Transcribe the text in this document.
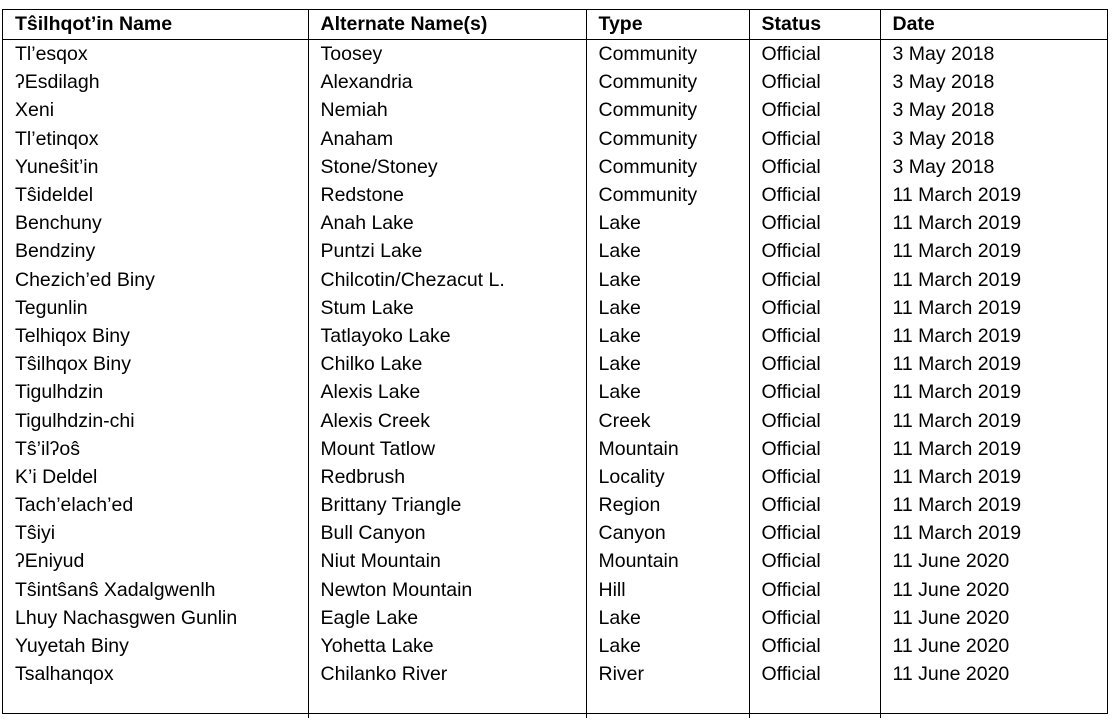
Tŝilhqot’in Name	Alternate Name(s)	Type	Status	Date
Tl’esqox	Toosey	Community	Official	3 May 2018
ʔEsdilagh	Alexandria	Community	Official	3 May 2018
Xeni	Nemiah	Community	Official	3 May 2018
Tl’etinqox	Anaham	Community	Official	3 May 2018
Yuneŝit’in	Stone/Stoney	Community	Official	3 May 2018
Tŝideldel	Redstone	Community	Official	11 March 2019
Benchuny	Anah Lake	Lake	Official	11 March 2019
Bendziny	Puntzi Lake	Lake	Official	11 March 2019
Chezich’ed Biny	Chilcotin/Chezacut L.	Lake	Official	11 March 2019
Tegunlin	Stum Lake	Lake	Official	11 March 2019
Telhiqox Biny	Tatlayoko Lake	Lake	Official	11 March 2019
Tŝilhqox Biny	Chilko Lake	Lake	Official	11 March 2019
Tigulhdzin	Alexis Lake	Lake	Official	11 March 2019
Tigulhdzin-chi	Alexis Creek	Creek	Official	11 March 2019
Tŝ’ilʔoŝ	Mount Tatlow	Mountain	Official	11 March 2019
K’i Deldel	Redbrush	Locality	Official	11 March 2019
Tach’elach’ed	Brittany Triangle	Region	Official	11 March 2019
Tŝiyi	Bull Canyon	Canyon	Official	11 March 2019
ʔEniyud	Niut Mountain	Mountain	Official	11 June 2020
Tŝintŝanŝ Xadalgwenlh	Newton Mountain	Hill	Official	11 June 2020
Lhuy Nachasgwen Gunlin	Eagle Lake	Lake	Official	11 June 2020
Yuyetah Biny	Yohetta Lake	Lake	Official	11 June 2020
Tsalhanqox	Chilanko River	River	Official	11 June 2020
